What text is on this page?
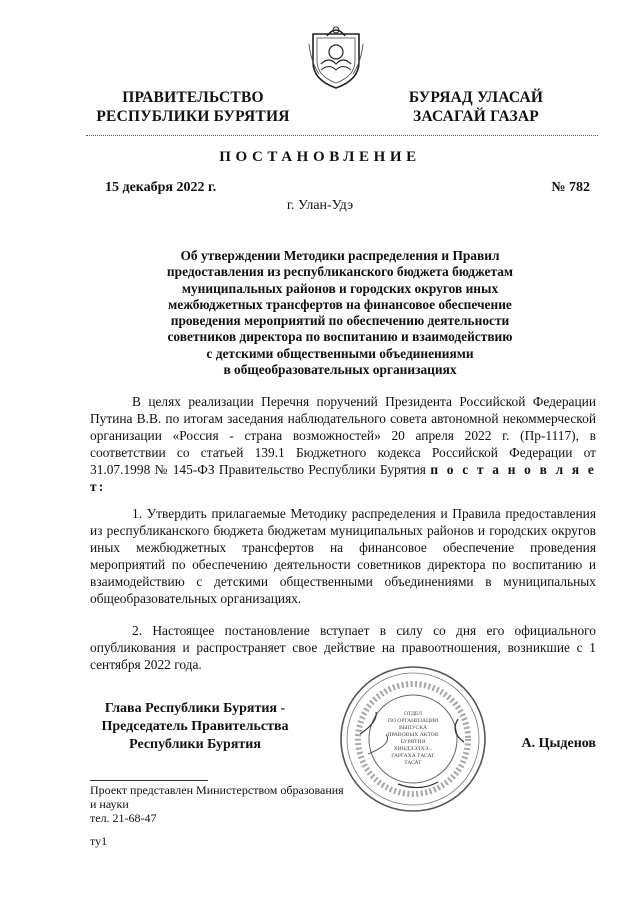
ПРАВИТЕЛЬСТВО
РЕСПУБЛИКИ БУРЯТИЯ
БУРЯАД УЛАСАЙ
ЗАСАГАЙ ГАЗАР
ПОСТАНОВЛЕНИЕ
15 декабря 2022 г.	№ 782
г. Улан-Удэ
Об утверждении Методики распределения и Правил
предоставления из республиканского бюджета бюджетам
муниципальных районов и городских округов иных
межбюджетных трансфертов на финансовое обеспечение
проведения мероприятий по обеспечению деятельности
советников директора по воспитанию и взаимодействию
с детскими общественными объединениями
в общеобразовательных организациях

В целях реализации Перечня поручений Президента Российской Федерации Путина В.В. по итогам заседания наблюдательного совета автономной некоммерческой организации «Россия - страна возможностей» 20 апреля 2022 г. (Пр-1117), в соответствии со статьей 139.1 Бюджетного кодекса Российской Федерации от 31.07.1998 № 145-ФЗ Правительство Республики Бурятия п о с т а н о в л я е т:

1. Утвердить прилагаемые Методику распределения и Правила предоставления из республиканского бюджета бюджетам муниципальных районов и городских округов иных межбюджетных трансфертов на финансовое обеспечение проведения мероприятий по обеспечению деятельности советников директора по воспитанию и взаимодействию с детскими общественными объединениями в муниципальных общеобразовательных организациях.

2. Настоящее постановление вступает в силу со дня его официального опубликования и распространяет свое действие на правоотношения, возникшие с 1 сентября 2022 года.

Глава Республики Бурятия -
Председатель Правительства
Республики Бурятия
ОТДЕЛ
ПО ОРГАНИЗАЦИИ
ВЫПУСКА
ПРАВОВЫХ АКТОВ
БУРЯТИЯ
ХИНДЭЭЛХЭ...
ГАРГАХА ТАСАГ
ТАСАГ
А. Цыденов
Проект представлен Министерством образования
и науки
тел. 21-68-47
ту1
